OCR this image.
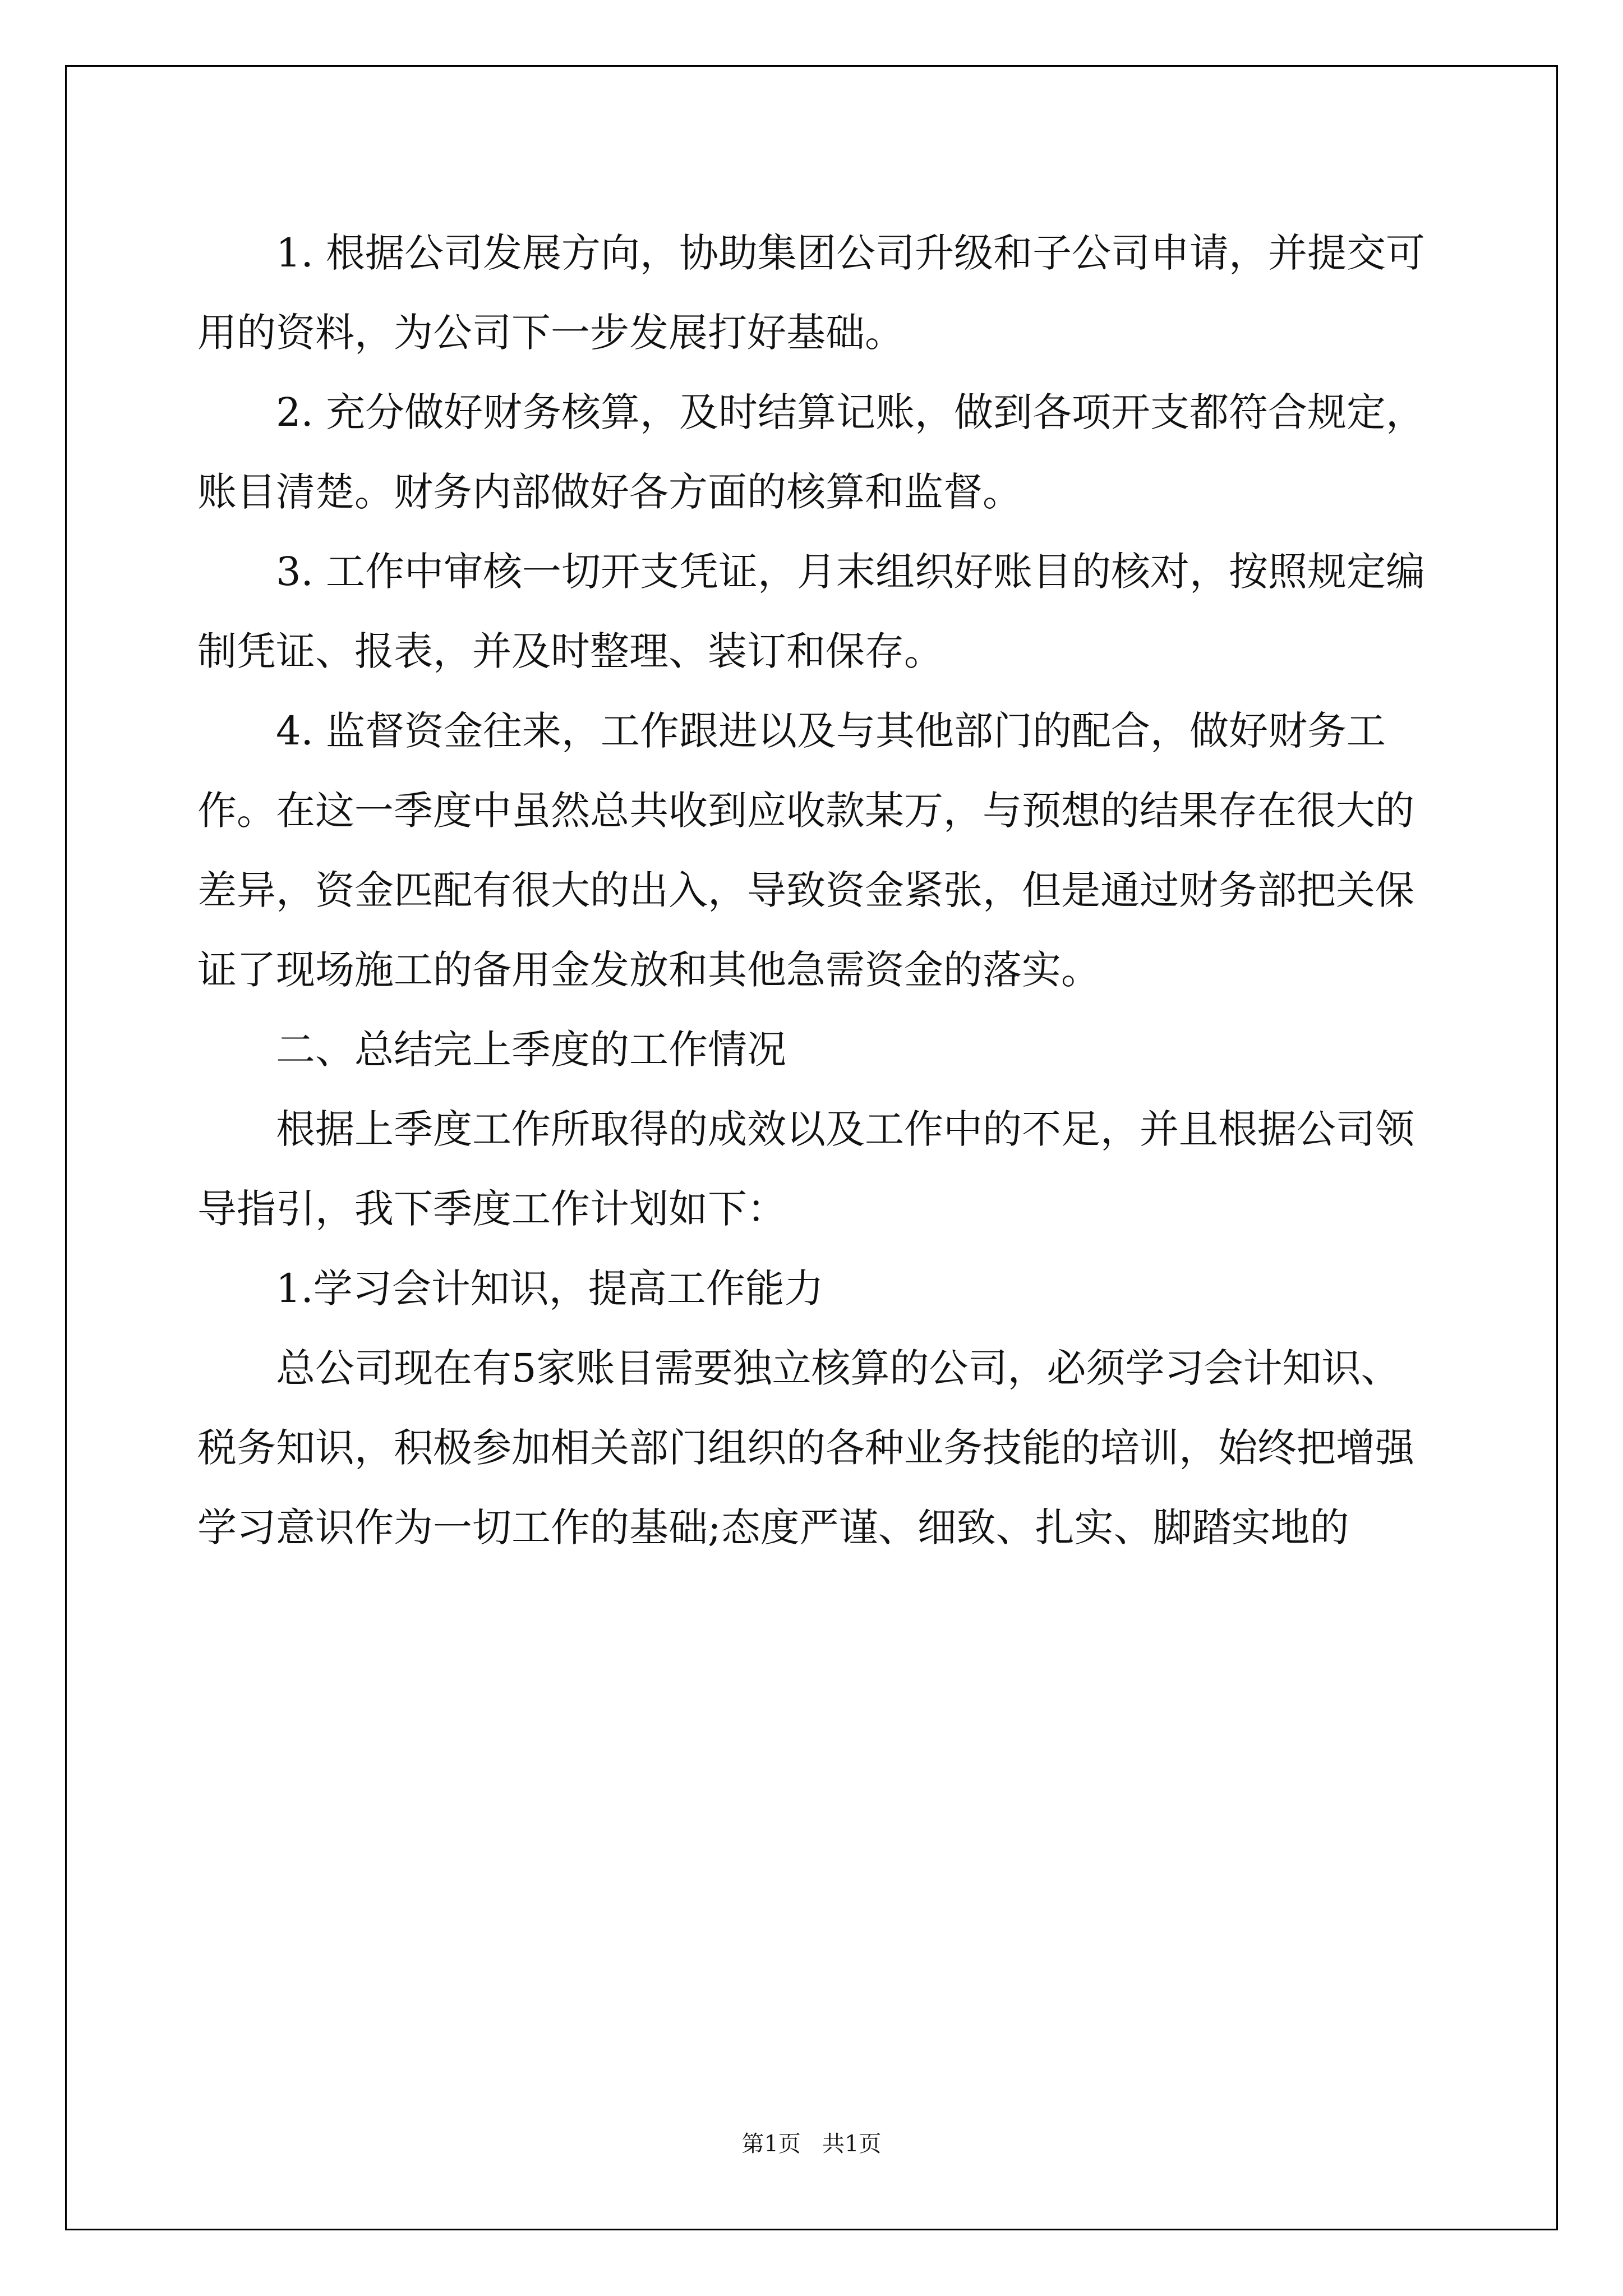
1. 根据公司发展方向，协助集团公司升级和子公司申请，并提交可用的资料，为公司下一步发展打好基础。

2. 充分做好财务核算，及时结算记账，做到各项开支都符合规定，账目清楚。财务内部做好各方面的核算和监督。

3. 工作中审核一切开支凭证，月末组织好账目的核对，按照规定编制凭证、报表，并及时整理、装订和保存。

4. 监督资金往来，工作跟进以及与其他部门的配合，做好财务工作。在这一季度中虽然总共收到应收款某万，与预想的结果存在很大的差异，资金匹配有很大的出入，导致资金紧张，但是通过财务部把关保证了现场施工的备用金发放和其他急需资金的落实。

二、总结完上季度的工作情况

根据上季度工作所取得的成效以及工作中的不足，并且根据公司领导指引，我下季度工作计划如下：

1.学习会计知识，提高工作能力

总公司现在有5家账目需要独立核算的公司，必须学习会计知识、税务知识，积极参加相关部门组织的各种业务技能的培训，始终把增强学习意识作为一切工作的基础;态度严谨、细致、扎实、脚踏实地的

第1页   共1页
